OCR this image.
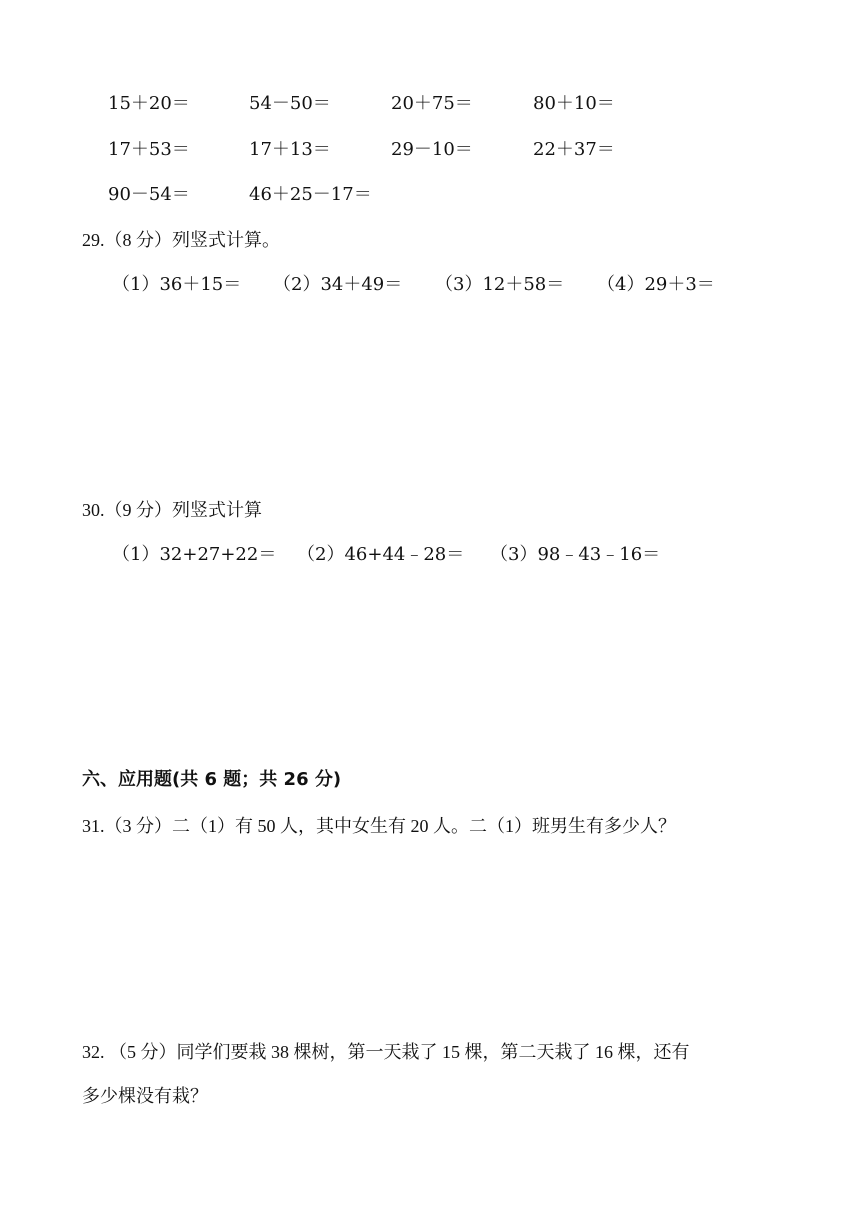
15＋20＝	54－50＝	20＋75＝	80＋10＝
17＋53＝	17＋13＝	29－10＝	22＋37＝
90－54＝	46＋25－17＝
29.（8 分）列竖式计算。
（1）36＋15＝ （2）34＋49＝ （3）12＋58＝ （4）29＋3＝
30.（9 分）列竖式计算
（1）32+27+22＝ （2）46+44﹣28＝ （3）98﹣43﹣16＝
六、应用题(共 6 题；共 26 分)
31.（3 分）二（1）有 50 人，其中女生有 20 人。二（1）班男生有多少人？
32. （5 分）同学们要栽 38 棵树，第一天栽了 15 棵，第二天栽了 16 棵，还有
多少棵没有栽？
